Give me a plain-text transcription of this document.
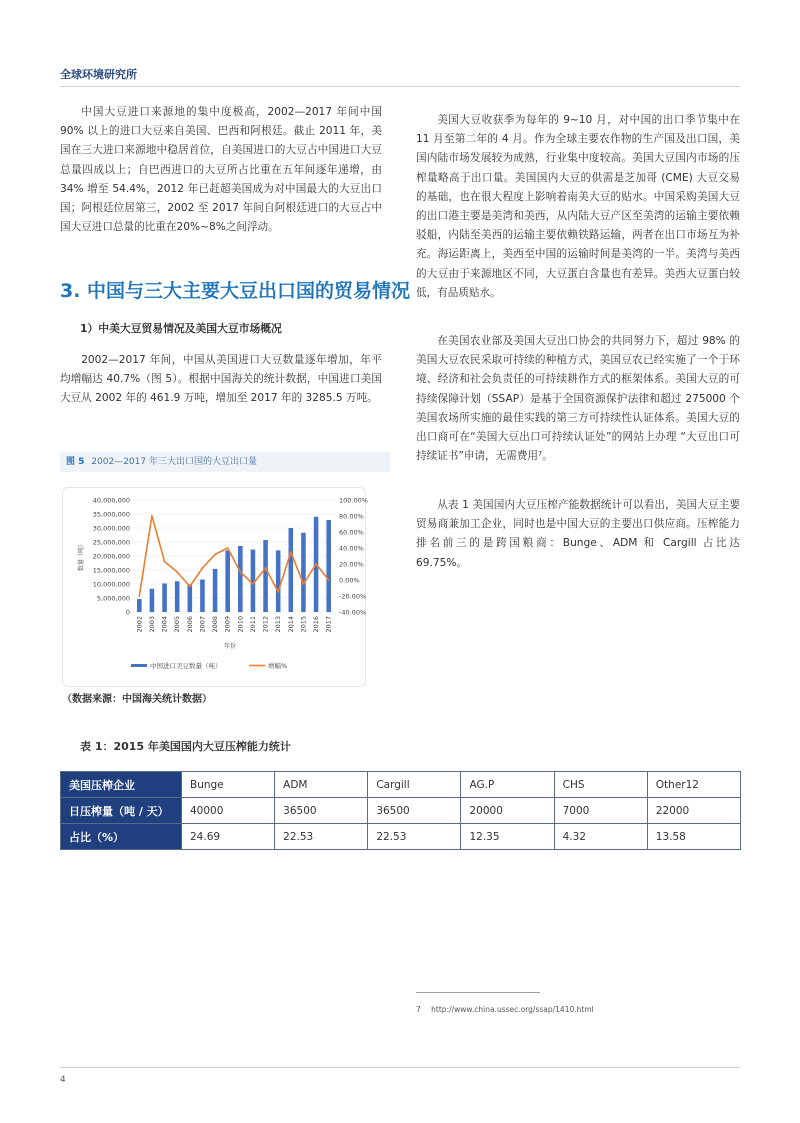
全球环境研究所

中国大豆进口来源地的集中度极高，2002—2017 年间中国 90% 以上的进口大豆来自美国、巴西和阿根廷。截止 2011 年，美国在三大进口来源地中稳居首位，自美国进口的大豆占中国进口大豆总量四成以上；自巴西进口的大豆所占比重在五年间逐年递增，由 34% 增至 54.4%，2012 年已赶超美国成为对中国最大的大豆出口国；阿根廷位居第三，2002 至 2017 年间自阿根廷进口的大豆占中国大豆进口总量的比重在20%~8%之间浮动。

3. 中国与三大主要大豆出口国的贸易情况
1）中美大豆贸易情况及美国大豆市场概况

2002—2017 年间，中国从美国进口大豆数量逐年增加，年平均增幅达 40.7%（图 5）。根据中国海关的统计数据，中国进口美国大豆从 2002 年的 461.9 万吨，增加至 2017 年的 3285.5 万吨。

图 5 2002—2017 年三大出口国的大豆出口量
0
5,000,000
10,000,000
15,000,000
20,000,000
25,000,000
30,000,000
35,000,000
40,000,000
-40.00%
-20.00%
0.00%
20.00%
40.00%
60.00%
80.00%
100.00%
2002 2003 2004 2005 2006 2007 2008 2009 2010 2011 2012 2013 2014 2015 2016 2017
年份
数量（吨）
中国进口美豆数量（吨）	增幅%
（数据来源：中国海关统计数据）
表 1：2015 年美国国内大豆压榨能力统计
美国压榨企业	Bunge	ADM	Cargill	AG.P	CHS	Other12
日压榨量（吨 / 天）	40000	36500	36500	20000	7000	22000
占比（%）	24.69	22.53	22.53	12.35	4.32	13.58

美国大豆收获季为每年的 9~10 月，对中国的出口季节集中在 11 月至第二年的 4 月。作为全球主要农作物的生产国及出口国，美国内陆市场发展较为成熟，行业集中度较高。美国大豆国内市场的压榨量略高于出口量。美国国内大豆的供需是芝加哥 (CME) 大豆交易的基础，也在很大程度上影响着南美大豆的贴水。中国采购美国大豆的出口港主要是美湾和美西，从内陆大豆产区至美湾的运输主要依赖驳船，内陆至美西的运输主要依赖铁路运输，两者在出口市场互为补充。海运距离上，美西至中国的运输时间是美湾的一半。美湾与美西的大豆由于来源地区不同，大豆蛋白含量也有差异。美西大豆蛋白较低，有品质贴水。

在美国农业部及美国大豆出口协会的共同努力下，超过 98% 的美国大豆农民采取可持续的种植方式，美国豆农已经实施了一个于环境、经济和社会负责任的可持续耕作方式的框架体系。美国大豆的可持续保障计划（SSAP）是基于全国资源保护法律和超过 275000 个美国农场所实施的最佳实践的第三方可持续性认证体系。美国大豆的出口商可在“美国大豆出口可持续认证处”的网站上办理 “大豆出口可持续证书”申请，无需费用⁷。

从表 1 美国国内大豆压榨产能数据统计可以看出，美国大豆主要贸易商兼加工企业，同时也是中国大豆的主要出口供应商。压榨能力排名前三的是跨国粮商：Bunge、ADM 和 Cargill 占比达 69.75%。

7 http://www.china.ussec.org/ssap/1410.html
4
